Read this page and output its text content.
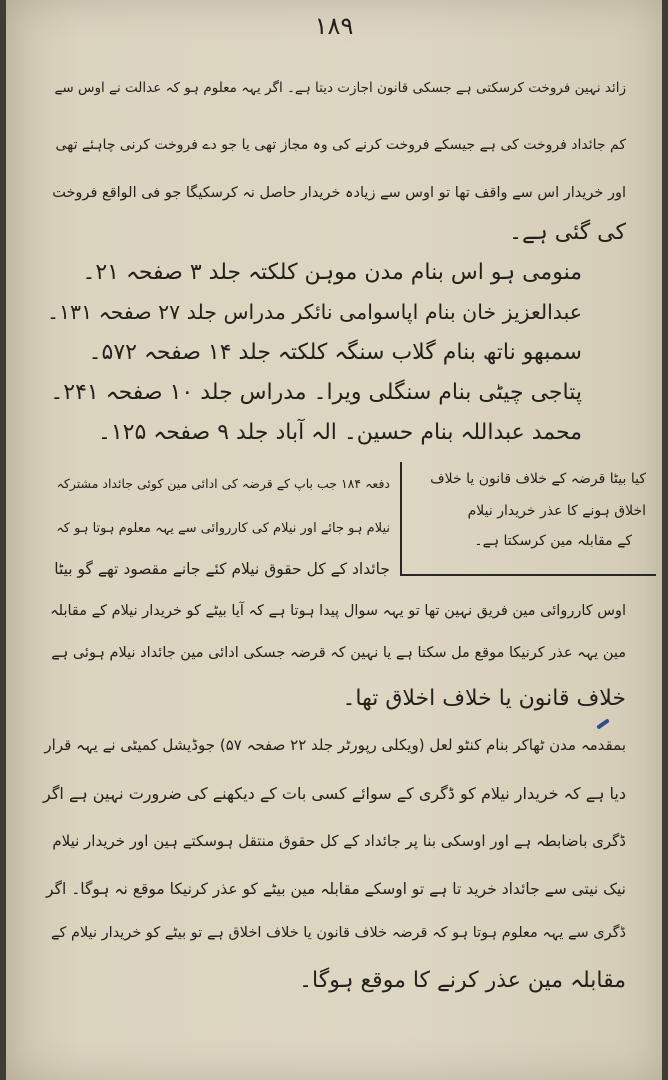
۱۸۹
زائد نہین فروخت کرسکتی ہے جسکی قانون اجازت دیتا ہے۔ اگر یہہ معلوم ہو کہ عدالت نے اوس سے
کم جائداد فروخت کی ہے جیسکے فروخت کرنے کی وہ مجاز تھی یا جو دے فروخت کرنی چاہئے تھی
اور خریدار اس سے واقف تھا تو اوس سے زیادہ خریدار حاصل نہ کرسکیگا جو فی الواقع فروخت
کی گئی ہے۔
منومی ہو اس بنام مدن موہن کلکتہ جلد ۳ صفحہ ۲۱۔
عبدالعزیز خان بنام اپاسوامی نائکر مدراس جلد ۲۷ صفحہ ۱۳۱۔
سمبھو ناتھ بنام گلاب سنگہ کلکتہ جلد ۱۴ صفحہ ۵۷۲۔
پتاجی چیٹی بنام سنگلی ویرا۔ مدراس جلد ۱۰ صفحہ ۲۴۱۔
محمد عبداللہ بنام حسین۔ الہ آباد جلد ۹ صفحہ ۱۲۵۔
کیا بیٹا قرضہ کے خلاف قانون یا خلاف
اخلاق ہونے کا عذر خریدار نیلام
کے مقابلہ مین کرسکتا ہے۔
دفعہ ۱۸۴ جب باپ کے قرضہ کی ادائی مین کوئی جائداد مشترکہ
نیلام ہو جائے اور نیلام کی کارروائی سے یہہ معلوم ہوتا ہو کہ
جائداد کے کل حقوق نیلام کئے جانے مقصود تھے گو بیٹا
اوس کارروائی مین فریق نہین تھا تو یہہ سوال پیدا ہوتا ہے کہ آیا بیٹے کو خریدار نیلام کے مقابلہ
مین یہہ عذر کرنیکا موقع مل سکتا ہے یا نہین کہ قرضہ جسکی ادائی مین جائداد نیلام ہوئی ہے
خلاف قانون یا خلاف اخلاق تھا۔
بمقدمہ مدن ٹھاکر بنام کنٹو لعل (ویکلی رپورٹر جلد ۲۲ صفحہ ۵۷) جوڈیشل کمیٹی نے یہہ قرار
دیا ہے کہ خریدار نیلام کو ڈگری کے سوائے کسی بات کے دیکھنے کی ضرورت نہین ہے اگر
ڈگری باضابطہ ہے اور اوسکی بنا پر جائداد کے کل حقوق منتقل ہوسکتے ہین اور خریدار نیلام
نیک نیتی سے جائداد خرید تا ہے تو اوسکے مقابلہ مین بیٹے کو عذر کرنیکا موقع نہ ہوگا۔ اگر
ڈگری سے یہہ معلوم ہوتا ہو کہ قرضہ خلاف قانون یا خلاف اخلاق ہے تو بیٹے کو خریدار نیلام کے
مقابلہ مین عذر کرنے کا موقع ہوگا۔
